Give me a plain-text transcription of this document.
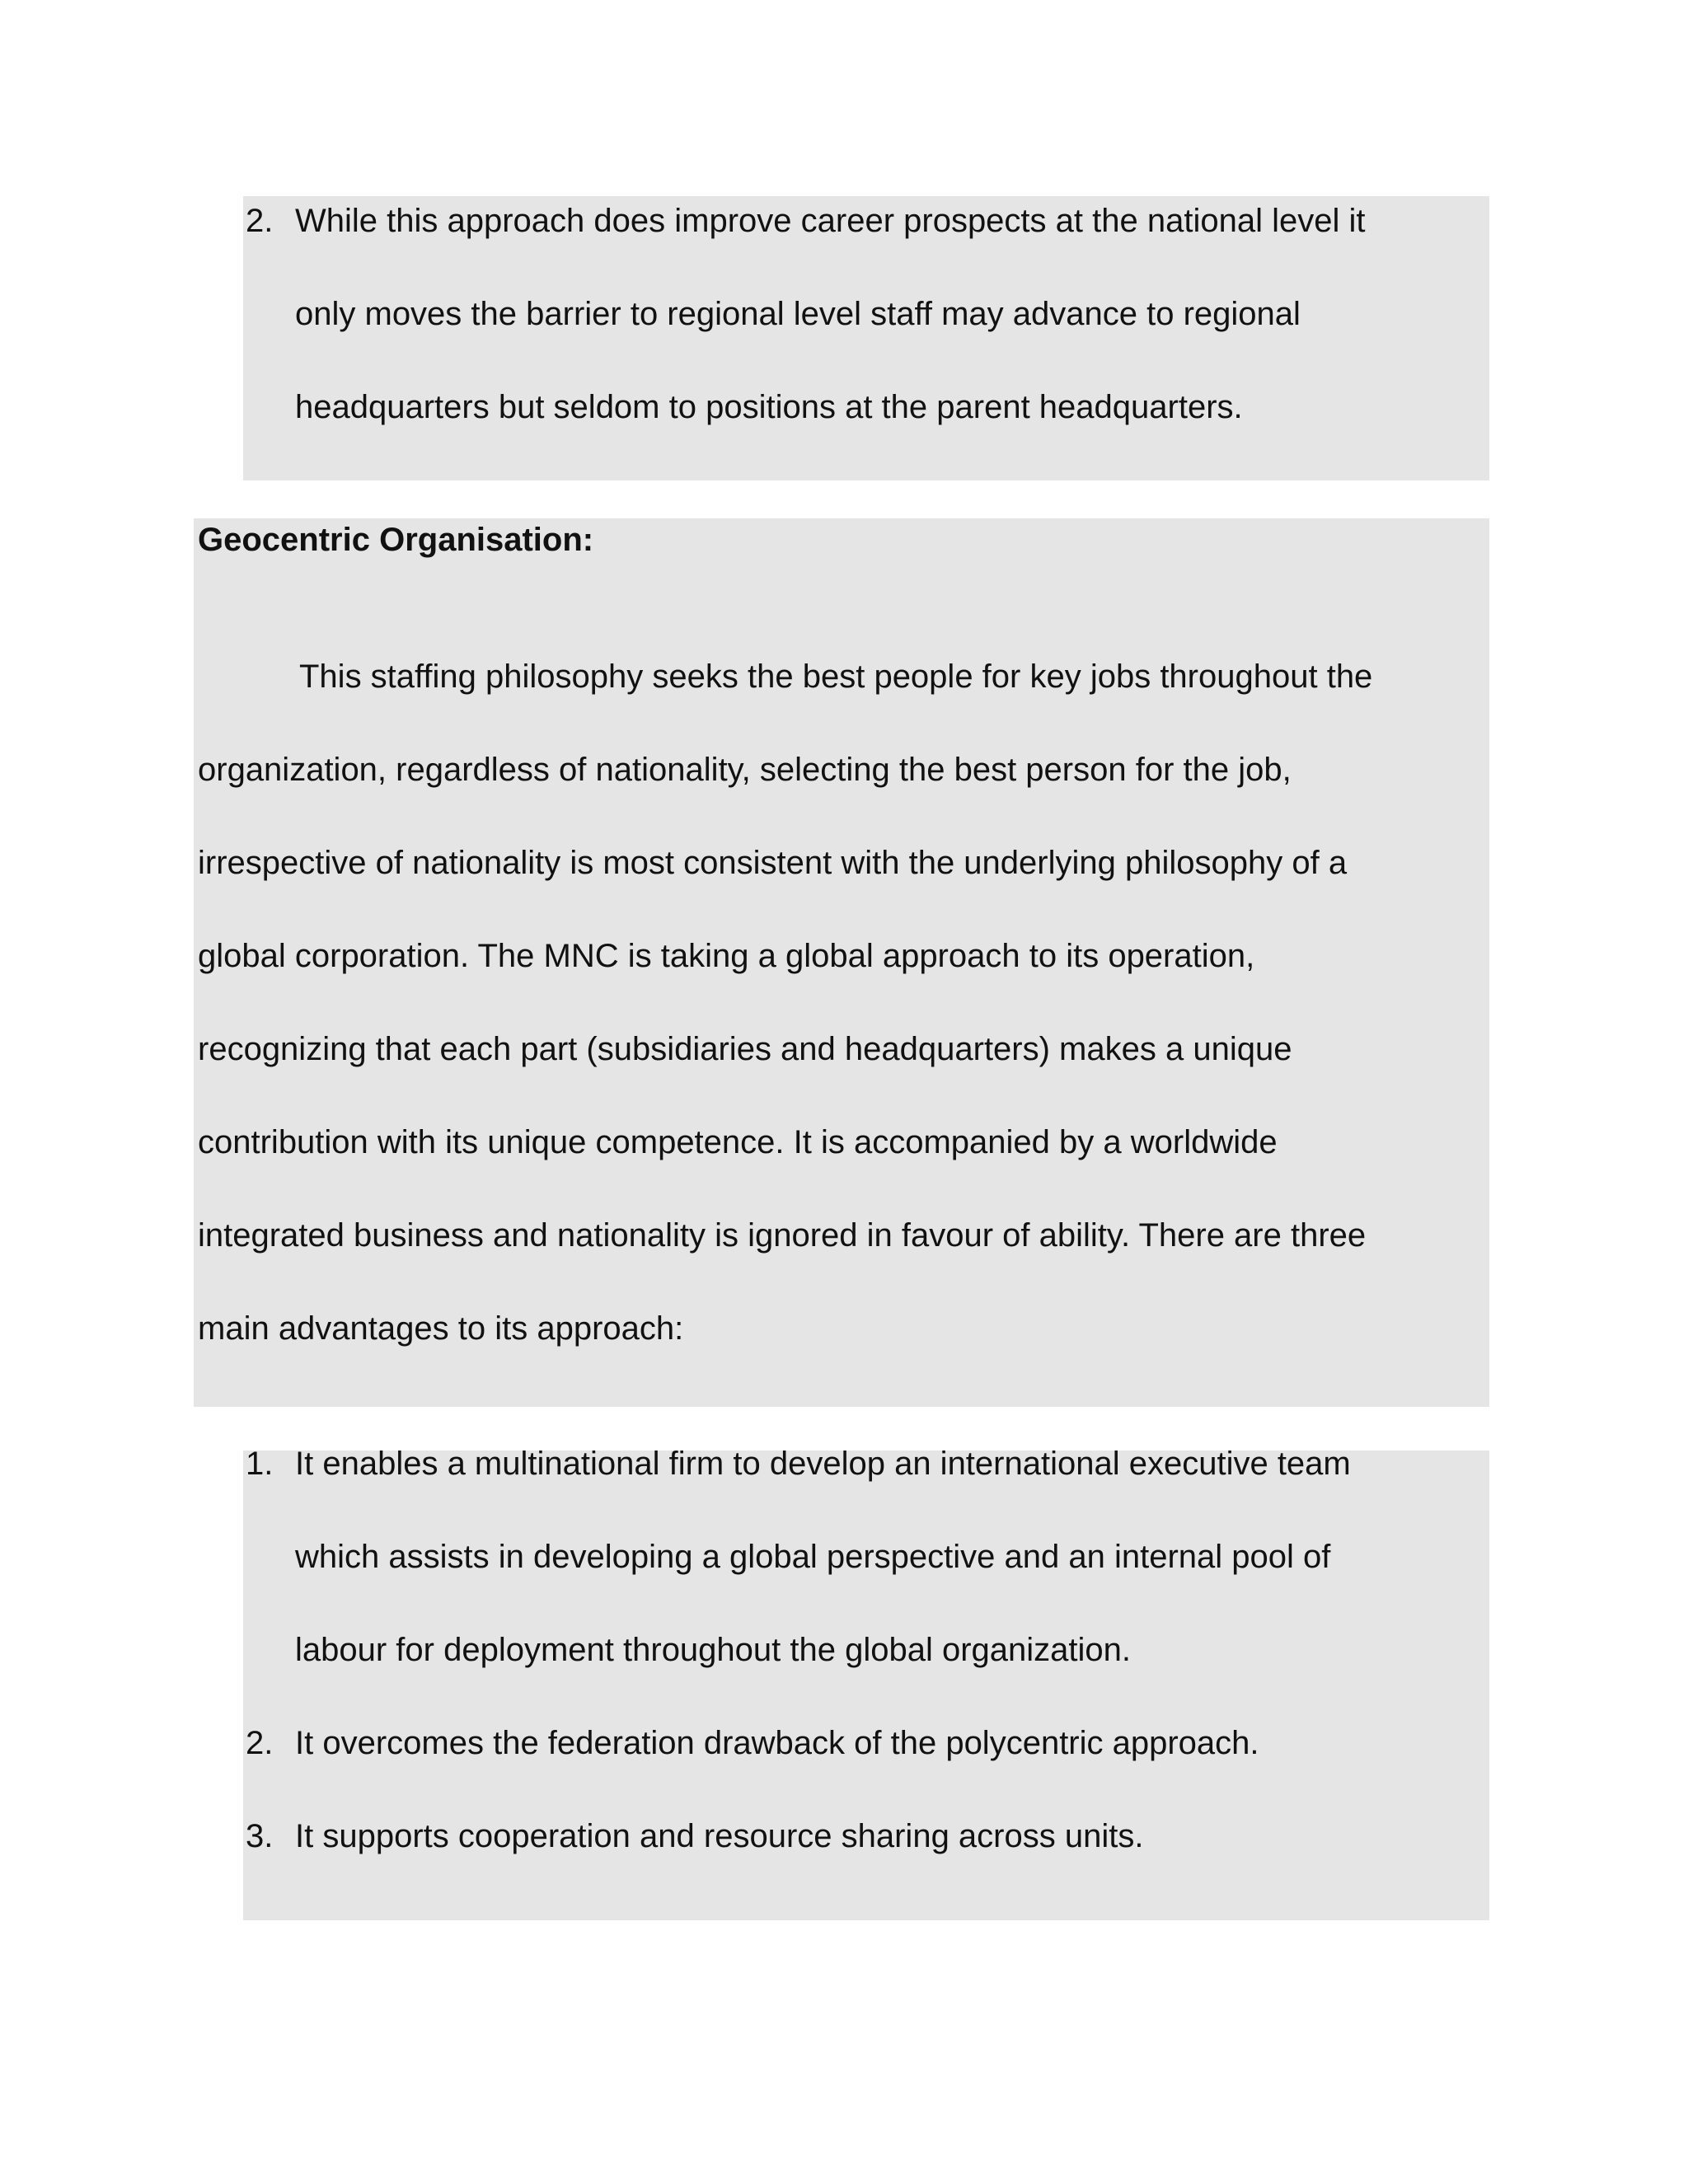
2. While this approach does improve career prospects at the national level it
only moves the barrier to regional level staff may advance to regional
headquarters but seldom to positions at the parent headquarters.
Geocentric Organisation:
This staffing philosophy seeks the best people for key jobs throughout the
organization, regardless of nationality, selecting the best person for the job,
irrespective of nationality is most consistent with the underlying philosophy of a
global corporation. The MNC is taking a global approach to its operation,
recognizing that each part (subsidiaries and headquarters) makes a unique
contribution with its unique competence. It is accompanied by a worldwide
integrated business and nationality is ignored in favour of ability. There are three
main advantages to its approach:
1. It enables a multinational firm to develop an international executive team
which assists in developing a global perspective and an internal pool of
labour for deployment throughout the global organization.
2. It overcomes the federation drawback of the polycentric approach.
3. It supports cooperation and resource sharing across units.
